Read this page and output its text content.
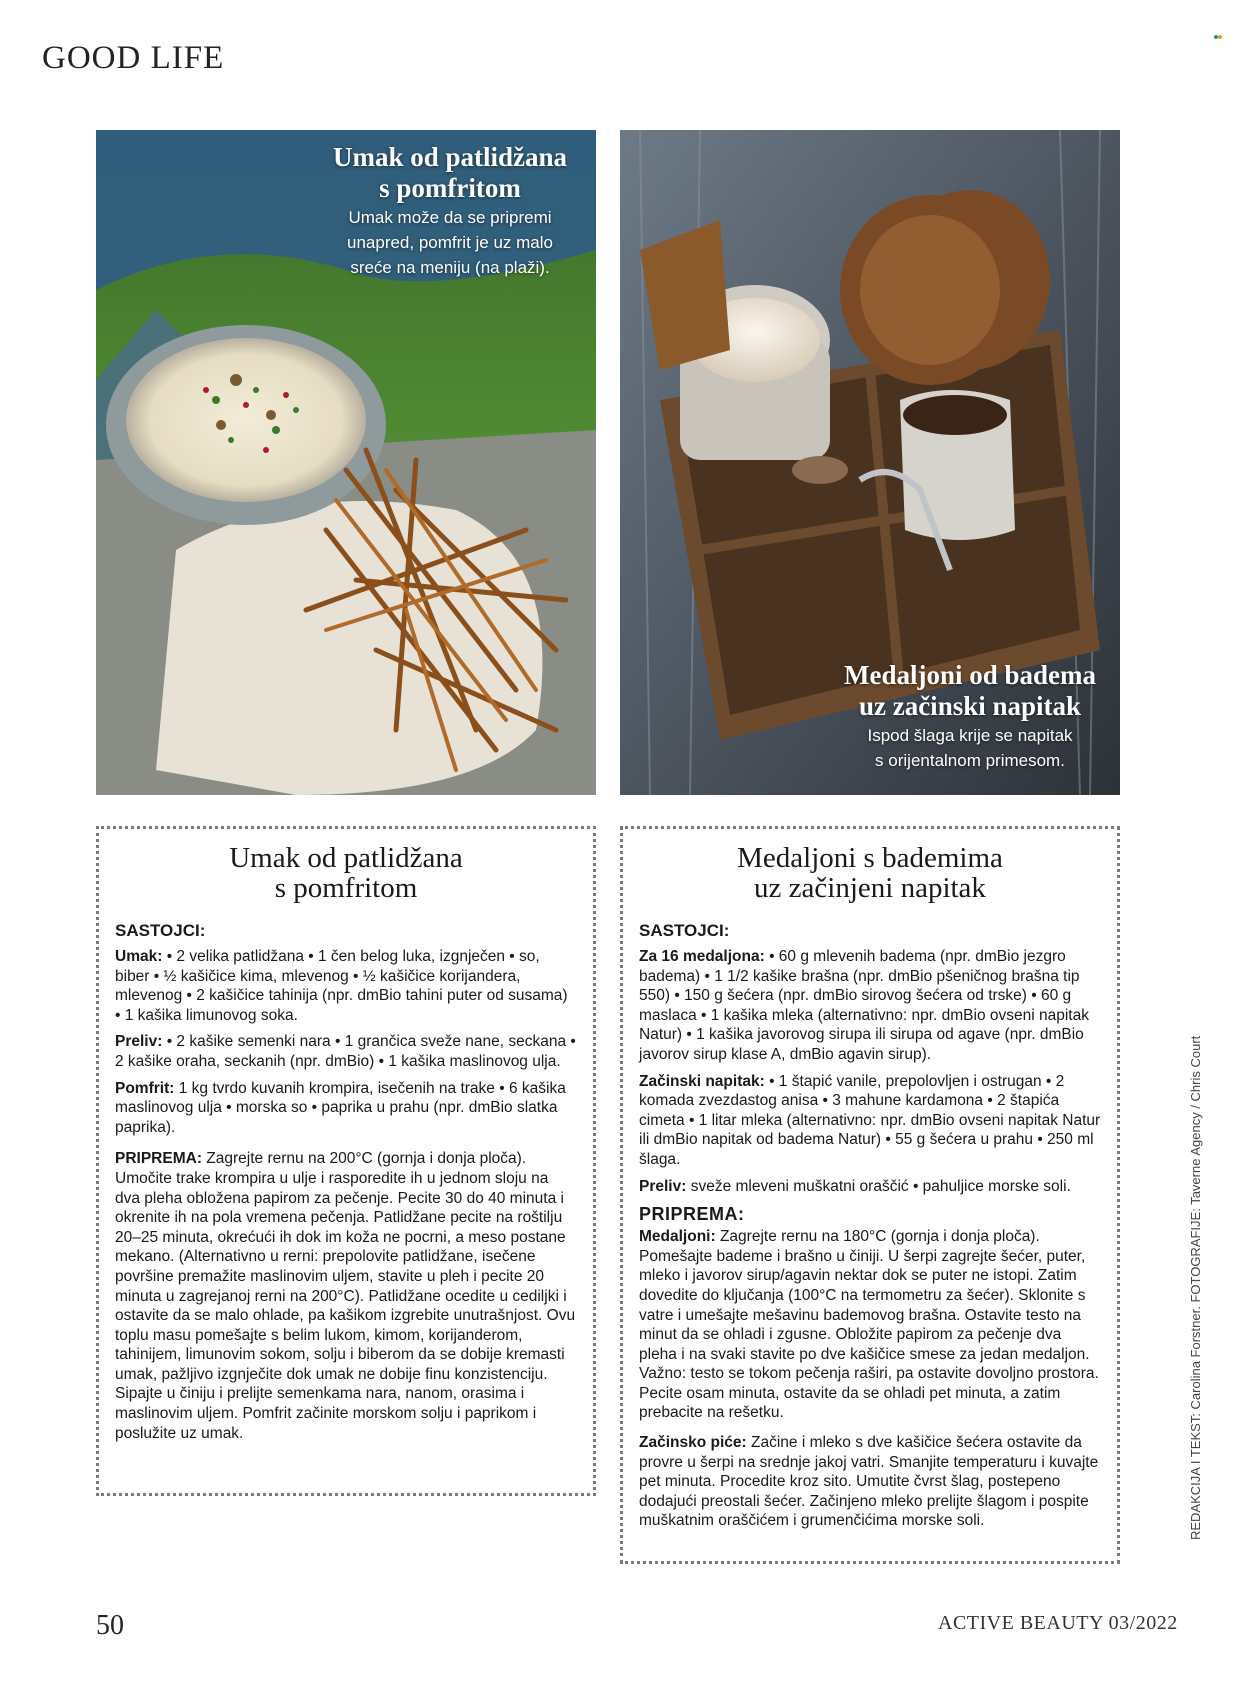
GOOD LIFE
Umak od patlidžana
s pomfritom
Umak može da se pripremi
unapred, pomfrit je uz malo
sreće na meniju (na plaži).
Medaljoni od badema
uz začinski napitak
Ispod šlaga krije se napitak
s orijentalnom primesom.
Umak od patlidžana
s pomfritom
SASTOJCI:
Umak: • 2 velika patlidžana • 1 čen belog luka, izgnječen • so, biber • ½ kašičice kima, mlevenog • ½ kašičice korijandera, mlevenog • 2 kašičice tahinija (npr. dmBio tahini puter od susama) • 1 kašika limunovog soka.
Preliv: • 2 kašike semenki nara • 1 grančica sveže nane, seckana • 2 kašike oraha, seckanih (npr. dmBio) • 1 kašika maslinovog ulja.
Pomfrit: 1 kg tvrdo kuvanih krompira, isečenih na trake • 6 kašika maslinovog ulja • morska so • paprika u prahu (npr. dmBio slatka paprika).
PRIPREMA: Zagrejte rernu na 200°C (gornja i donja ploča). Umočite trake krompira u ulje i rasporedite ih u jednom sloju na dva pleha obložena papirom za pečenje. Pecite 30 do 40 minuta i okrenite ih na pola vremena pečenja. Patlidžane pecite na roštilju 20–25 minuta, okrećući ih dok im koža ne pocrni, a meso postane mekano. (Alternativno u rerni: prepolovite patlidžane, isečene površine premažite maslinovim uljem, stavite u pleh i pecite 20 minuta u zagrejanoj rerni na 200°C). Patlidžane ocedite u cediljki i ostavite da se malo ohlade, pa kašikom izgrebite unutrašnjost. Ovu toplu masu pomešajte s belim lukom, kimom, korijanderom, tahinijem, limunovim sokom, solju i biberom da se dobije kremasti umak, pažljivo izgnječite dok umak ne dobije finu konzistenciju. Sipajte u činiju i prelijte semenkama nara, nanom, orasima i maslinovim uljem. Pomfrit začinite morskom solju i paprikom i poslužite uz umak.
Medaljoni s bademima
uz začinjeni napitak
SASTOJCI:
Za 16 medaljona: • 60 g mlevenih badema (npr. dmBio jezgro badema) • 1 1/2 kašike brašna (npr. dmBio pšeničnog brašna tip 550) • 150 g šećera (npr. dmBio sirovog šećera od trske) • 60 g maslaca • 1 kašika mleka (alternativno: npr. dmBio ovseni napitak Natur) • 1 kašika javorovog sirupa ili sirupa od agave (npr. dmBio javorov sirup klase A, dmBio agavin sirup).
Začinski napitak: • 1 štapić vanile, prepolovljen i ostrugan • 2 komada zvezdastog anisa • 3 mahune kardamona • 2 štapića cimeta • 1 litar mleka (alternativno: npr. dmBio ovseni napitak Natur ili dmBio napitak od badema Natur) • 55 g šećera u prahu • 250 ml šlaga.
Preliv: sveže mleveni muškatni oraščić • pahuljice morske soli.
PRIPREMA:
Medaljoni: Zagrejte rernu na 180°C (gornja i donja ploča). Pomešajte bademe i brašno u činiji. U šerpi zagrejte šećer, puter, mleko i javorov sirup/agavin nektar dok se puter ne istopi. Zatim dovedite do ključanja (100°C na termometru za šećer). Sklonite s vatre i umešajte mešavinu bademovog brašna. Ostavite testo na minut da se ohladi i zgusne. Obložite papirom za pečenje dva pleha i na svaki stavite po dve kašičice smese za jedan medaljon. Važno: testo se tokom pečenja raširi, pa ostavite dovoljno prostora. Pecite osam minuta, ostavite da se ohladi pet minuta, a zatim prebacite na rešetku.
Začinsko piće: Začine i mleko s dve kašičice šećera ostavite da provre u šerpi na srednje jakoj vatri. Smanjite temperaturu i kuvajte pet minuta. Procedite kroz sito. Umutite čvrst šlag, postepeno dodajući preostali šećer. Začinjeno mleko prelijte šlagom i pospite muškatnim oraščićem i grumenčićima morske soli.	REDAKCIJA I TEKST: Carolina Forstner. FOTOGRAFIJE: Taverne Agency / Chris Court
50	ACTIVE BEAUTY 03/2022
